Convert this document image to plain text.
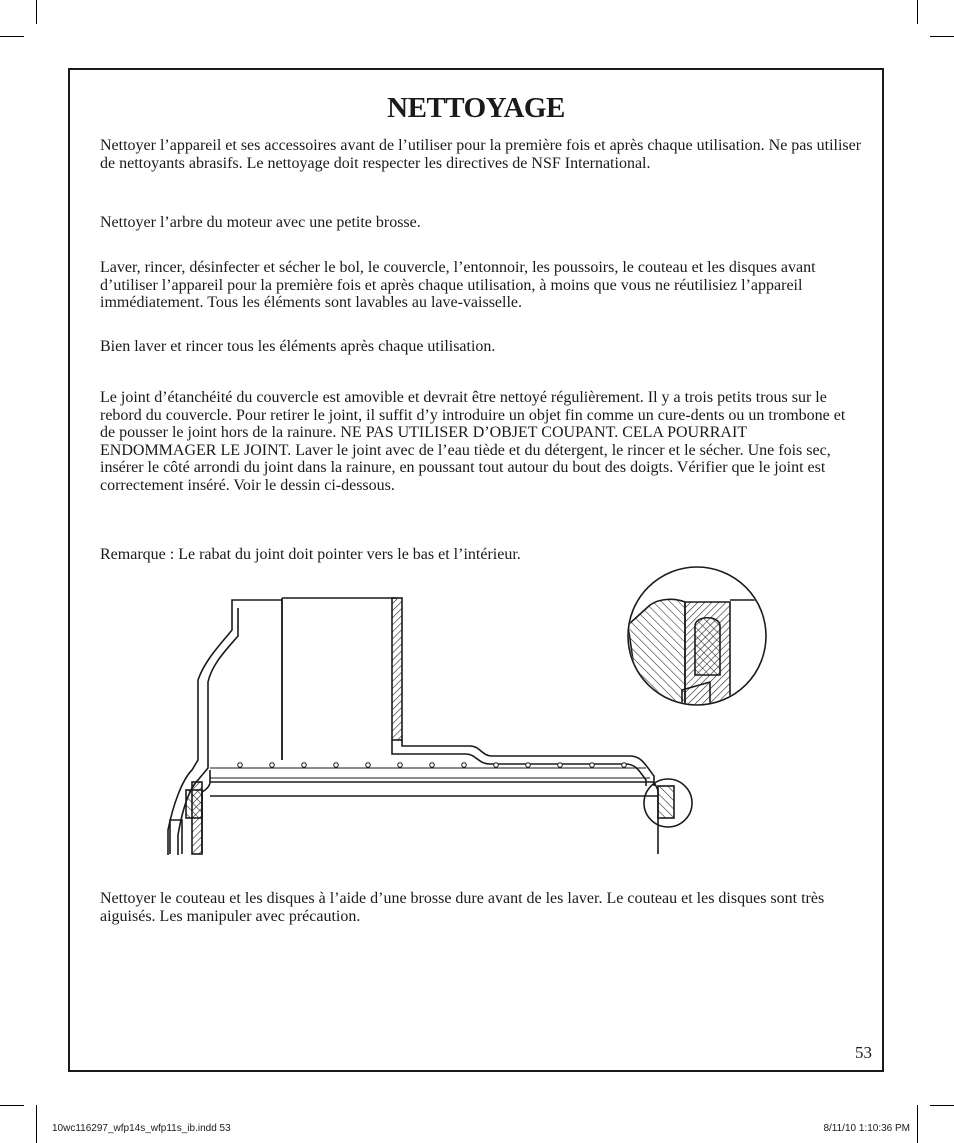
NETTOYAGE

Nettoyer l’appareil et ses accessoires avant de l’utiliser pour la première fois et après chaque utilisation. Ne pas utiliser de nettoyants abrasifs. Le nettoyage doit respecter les directives de NSF International.

Nettoyer l’arbre du moteur avec une petite brosse.

Laver, rincer, désinfecter et sécher le bol, le couvercle, l’entonnoir, les poussoirs, le couteau et les disques avant d’utiliser l’appareil pour la première fois et après chaque utilisation, à moins que vous ne réutilisiez l’appareil immédiatement. Tous les éléments sont lavables au lave-vaisselle.

Bien laver et rincer tous les éléments après chaque utilisation.

Le joint d’étanchéité du couvercle est amovible et devrait être nettoyé régulièrement. Il y a trois petits trous sur le rebord du couvercle. Pour retirer le joint, il suffit d’y introduire un objet fin comme un cure-dents ou un trombone et de pousser le joint hors de la rainure. NE PAS UTILISER D’OBJET COUPANT. CELA POURRAIT ENDOMMAGER LE JOINT. Laver le joint avec de l’eau tiède et du détergent, le rincer et le sécher. Une fois sec, insérer le côté arrondi du joint dans la rainure, en poussant tout autour du bout des doigts. Vérifier que le joint est correctement inséré. Voir le dessin ci-dessous.

Remarque : Le rabat du joint doit pointer vers le bas et l’intérieur.

Nettoyer le couteau et les disques à l’aide d’une brosse dure avant de les laver. Le couteau et les disques sont très aiguisés. Les manipuler avec précaution.

53
10wc116297_wfp14s_wfp11s_ib.indd 53	8/11/10 1:10:36 PM
